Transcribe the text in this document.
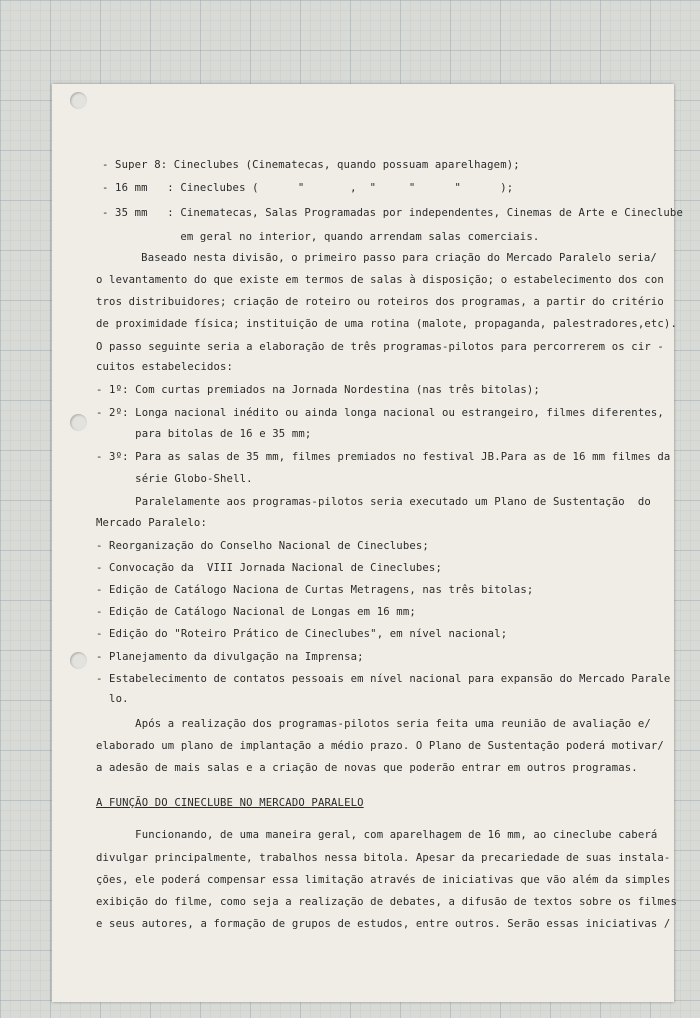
- Super 8: Cineclubes (Cinematecas, quando possuam aparelhagem);

- 16 mm   : Cineclubes (      "       ,  "     "      "      );

- 35 mm   : Cinematecas, Salas Programadas por independentes, Cinemas de Arte e Cineclube

em geral no interior, quando arrendam salas comerciais.

Baseado nesta divisão, o primeiro passo para criação do Mercado Paralelo seria/

o levantamento do que existe em termos de salas à disposição; o estabelecimento dos con

tros distribuidores; criação de roteiro ou roteiros dos programas, a partir do critério

de proximidade física; instituição de uma rotina (malote, propaganda, palestradores,etc).

O passo seguinte seria a elaboração de três programas-pilotos para percorrerem os cir -

cuitos estabelecidos:

- 1º: Com curtas premiados na Jornada Nordestina (nas três bitolas);

- 2º: Longa nacional inédito ou ainda longa nacional ou estrangeiro, filmes diferentes,

para bitolas de 16 e 35 mm;

- 3º: Para as salas de 35 mm, filmes premiados no festival JB.Para as de 16 mm filmes da

série Globo-Shell.

Paralelamente aos programas-pilotos seria executado um Plano de Sustentação  do

Mercado Paralelo:

- Reorganização do Conselho Nacional de Cineclubes;

- Convocação da  VIII Jornada Nacional de Cineclubes;

- Edição de Catálogo Naciona de Curtas Metragens, nas três bitolas;

- Edição de Catálogo Nacional de Longas em 16 mm;

- Edição do "Roteiro Prático de Cineclubes", em nível nacional;

- Planejamento da divulgação na Imprensa;

- Estabelecimento de contatos pessoais em nível nacional para expansão do Mercado Parale

lo.

Após a realização dos programas-pilotos seria feita uma reunião de avaliação e/

elaborado um plano de implantação a médio prazo. O Plano de Sustentação poderá motivar/

a adesão de mais salas e a criação de novas que poderão entrar em outros programas.

A FUNÇÃO DO CINECLUBE NO MERCADO PARALELO

Funcionando, de uma maneira geral, com aparelhagem de 16 mm, ao cineclube caberá

divulgar principalmente, trabalhos nessa bitola. Apesar da precariedade de suas instala-

ções, ele poderá compensar essa limitação através de iniciativas que vão além da simples

exibição do filme, como seja a realização de debates, a difusão de textos sobre os filmes

e seus autores, a formação de grupos de estudos, entre outros. Serão essas iniciativas /
